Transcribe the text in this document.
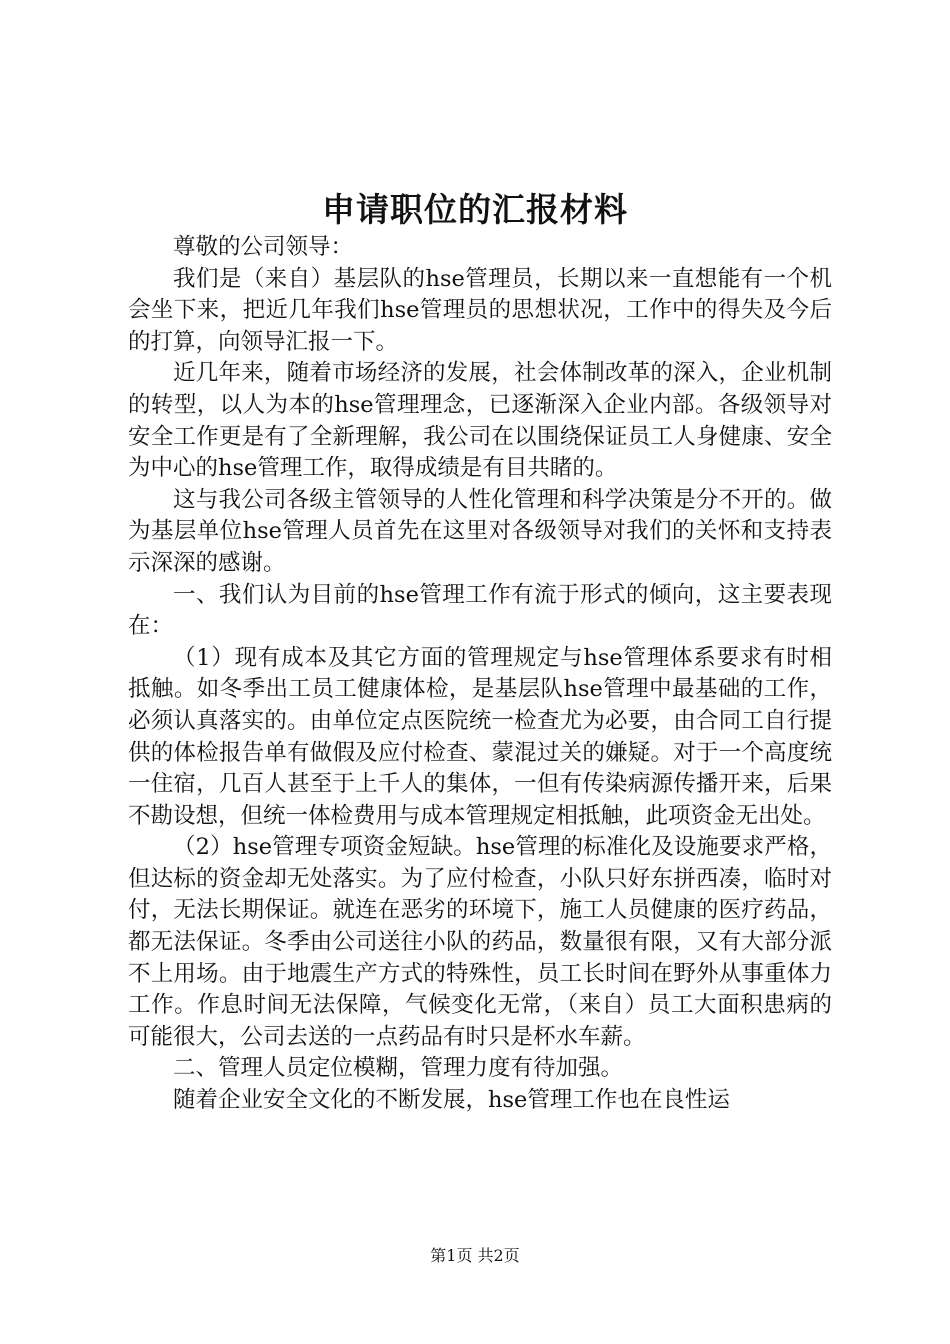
申请职位的汇报材料

尊敬的公司领导：

我们是（来自）基层队的hse管理员，长期以来一直想能有一个机会坐下来，把近几年我们hse管理员的思想状况，工作中的得失及今后的打算，向领导汇报一下。

近几年来，随着市场经济的发展，社会体制改革的深入，企业机制的转型，以人为本的hse管理理念，已逐渐深入企业内部。各级领导对安全工作更是有了全新理解，我公司在以围绕保证员工人身健康、安全为中心的hse管理工作，取得成绩是有目共睹的。

这与我公司各级主管领导的人性化管理和科学决策是分不开的。做为基层单位hse管理人员首先在这里对各级领导对我们的关怀和支持表示深深的感谢。

一、我们认为目前的hse管理工作有流于形式的倾向，这主要表现在：

（1）现有成本及其它方面的管理规定与hse管理体系要求有时相抵触。如冬季出工员工健康体检，是基层队hse管理中最基础的工作，必须认真落实的。由单位定点医院统一检查尤为必要，由合同工自行提供的体检报告单有做假及应付检查、蒙混过关的嫌疑。对于一个高度统一住宿，几百人甚至于上千人的集体，一但有传染病源传播开来，后果不勘设想，但统一体检费用与成本管理规定相抵触，此项资金无出处。

（2）hse管理专项资金短缺。hse管理的标准化及设施要求严格，但达标的资金却无处落实。为了应付检查，小队只好东拼西凑，临时对付，无法长期保证。就连在恶劣的环境下，施工人员健康的医疗药品，都无法保证。冬季由公司送往小队的药品，数量很有限，又有大部分派不上用场。由于地震生产方式的特殊性，员工长时间在野外从事重体力工作。作息时间无法保障，气候变化无常，（来自）员工大面积患病的可能很大，公司去送的一点药品有时只是杯水车薪。

二、管理人员定位模糊，管理力度有待加强。

随着企业安全文化的不断发展，hse管理工作也在良性运

第1页 共2页
